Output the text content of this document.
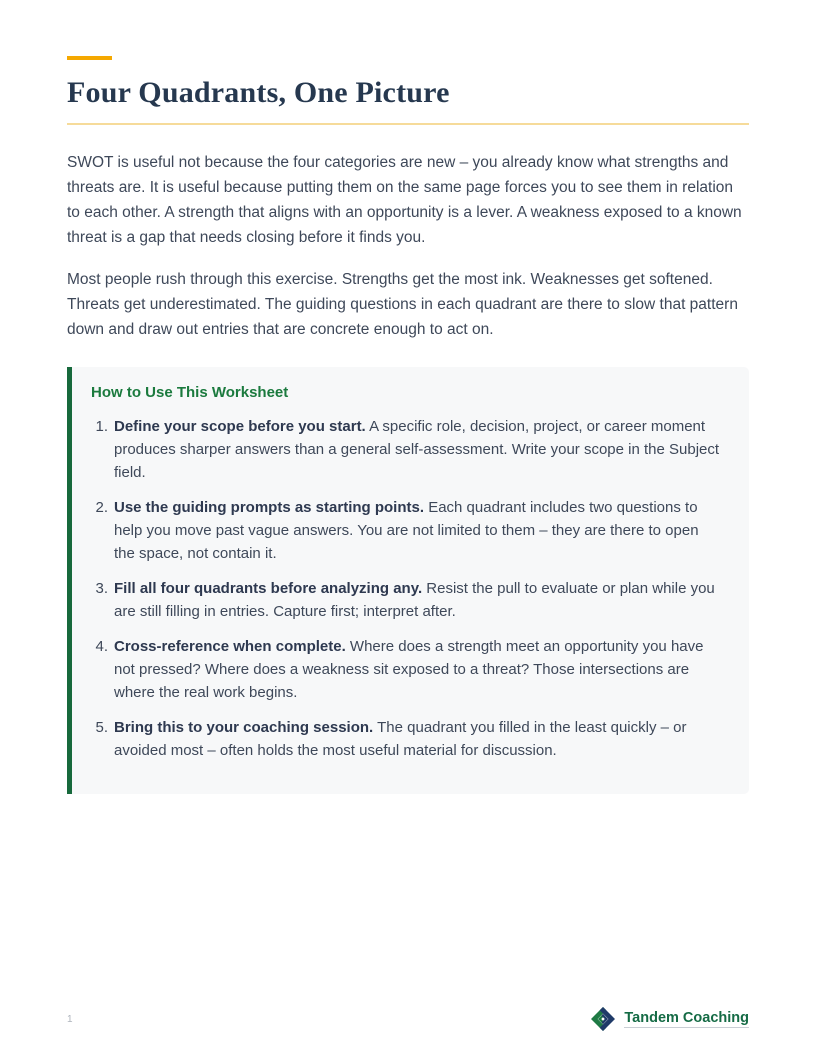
Four Quadrants, One Picture

SWOT is useful not because the four categories are new – you already know what strengths and threats are. It is useful because putting them on the same page forces you to see them in relation to each other. A strength that aligns with an opportunity is a lever. A weakness exposed to a known threat is a gap that needs closing before it finds you.

Most people rush through this exercise. Strengths get the most ink. Weaknesses get softened. Threats get underestimated. The guiding questions in each quadrant are there to slow that pattern down and draw out entries that are concrete enough to act on.

How to Use This Worksheet
1. Define your scope before you start. A specific role, decision, project, or career moment produces sharper answers than a general self-assessment. Write your scope in the Subject field.
2. Use the guiding prompts as starting points. Each quadrant includes two questions to help you move past vague answers. You are not limited to them – they are there to open the space, not contain it.
3. Fill all four quadrants before analyzing any. Resist the pull to evaluate or plan while you are still filling in entries. Capture first; interpret after.
4. Cross-reference when complete. Where does a strength meet an opportunity you have not pressed? Where does a weakness sit exposed to a threat? Those intersections are where the real work begins.
5. Bring this to your coaching session. The quadrant you filled in the least quickly – or avoided most – often holds the most useful material for discussion.
1	Tandem Coaching
